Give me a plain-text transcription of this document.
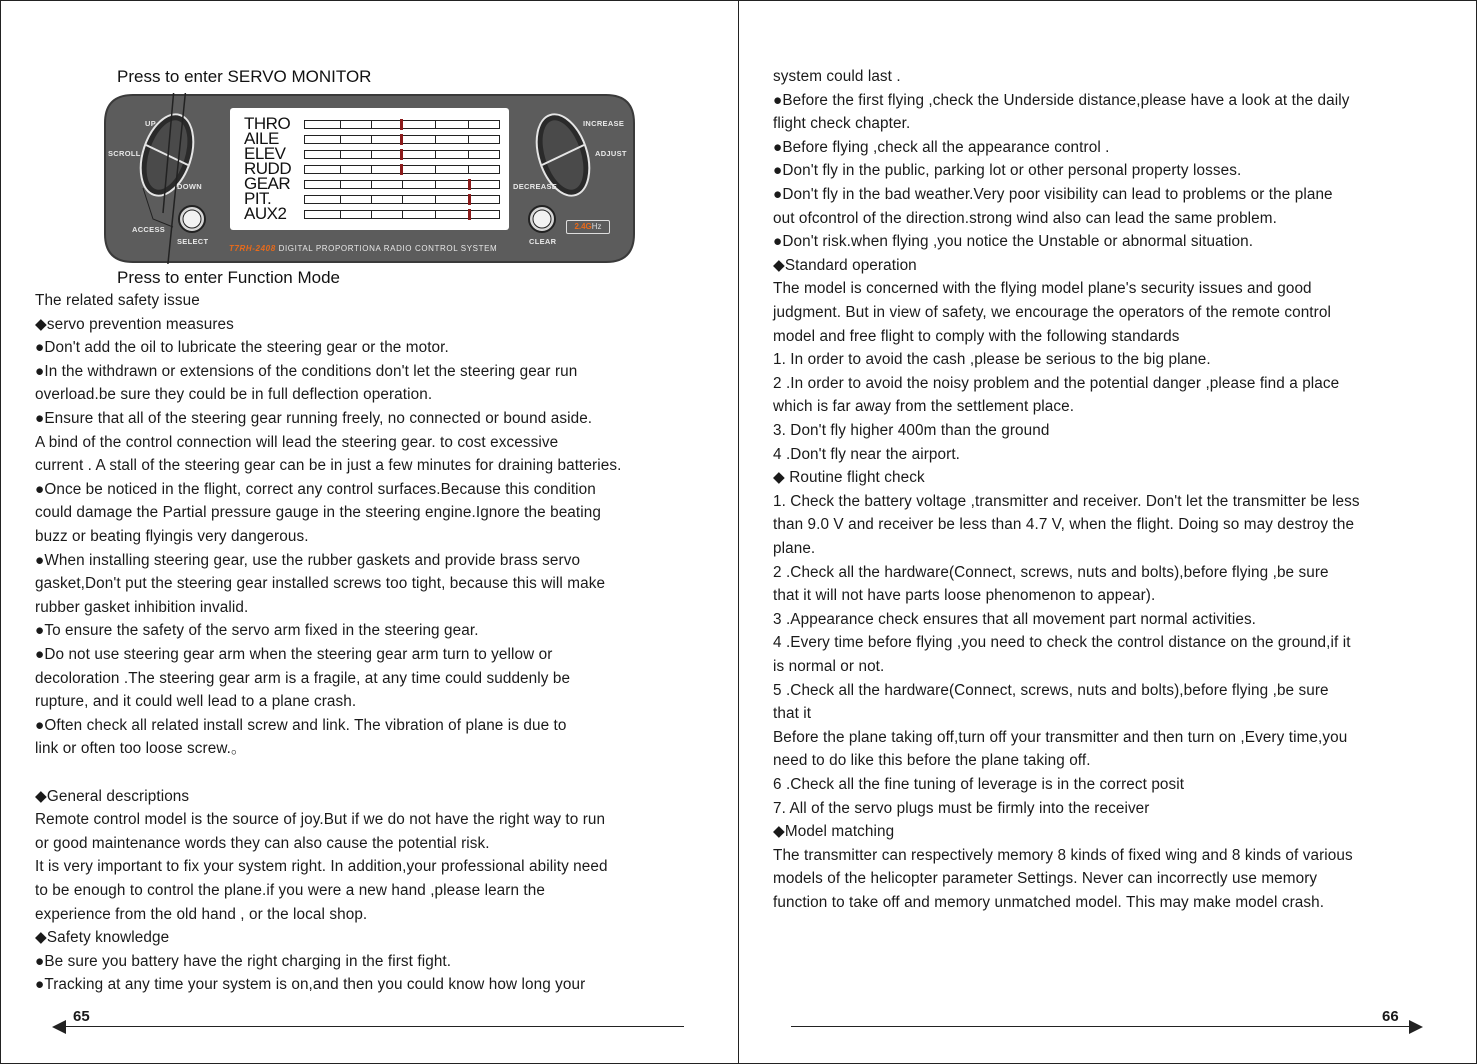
Press to enter SERVO MONITOR
UP
SCROLL
DOWN
ACCESS
SELECT
INCREASE
ADJUST
DECREASE
CLEAR
THRO
AILE
ELEV
RUDD
GEAR
PIT.
AUX2
T7RH-2408 DIGITAL PROPORTIONA RADIO CONTROL SYSTEM
2.4GHz
Press to enter Function Mode
The related safety issue
◆servo prevention measures
●Don't add the oil to lubricate the steering gear or the motor.
●In the withdrawn or extensions of the conditions don't let the steering gear run
overload.be sure they could be in full deflection operation.
●Ensure that all of the steering gear running freely, no connected or bound aside.
A bind of the control connection will lead the steering gear. to cost excessive
current . A stall of the steering gear can be in just a few minutes for draining batteries.
●Once be noticed in the flight, correct any control surfaces.Because this condition
could damage the Partial pressure gauge in the steering engine.Ignore the beating
buzz or beating flyingis very dangerous.
●When installing steering gear, use the rubber gaskets and provide brass servo
gasket,Don't put the steering gear installed screws too tight, because this will make
rubber gasket inhibition invalid.
●To ensure the safety of the servo arm fixed in the steering gear.
●Do not use steering gear arm when the steering gear arm turn to yellow or
decoloration .The steering gear arm is a fragile, at any time could suddenly be
rupture, and it could well lead to a plane crash.
●Often check all related install screw and link. The vibration of plane is due to
link or often too loose screw.。
◆General descriptions
Remote control model is the source of joy.But if we do not have the right way to run
or good maintenance words they can also cause the potential risk.
It is very important to fix your system right. In addition,your professional ability need
to be enough to control the plane.if you were a new hand ,please learn the
experience from the old hand , or the local shop.
◆Safety knowledge
●Be sure you battery have the right charging in the first fight.
●Tracking at any time your system is on,and then you could know how long your
65
system could last .
●Before the first flying ,check the Underside distance,please have a look at the daily
flight check chapter.
●Before flying ,check all the appearance control .
●Don't fly in the public, parking lot or other personal property losses.
●Don't fly in the bad weather.Very poor visibility can lead to problems or the plane
out ofcontrol of the direction.strong wind also can lead the same problem.
●Don't risk.when flying ,you notice the Unstable or abnormal situation.
◆Standard operation
The model is concerned with the flying model plane's security issues and good
judgment. But in view of safety, we encourage the operators of the remote control
model and free flight to comply with the following standards
1. In order to avoid the cash ,please be serious to the big plane.
2 .In order to avoid the noisy problem and the potential danger ,please find a place
which is far away from the settlement place.
3. Don't fly higher 400m than the ground
4 .Don't fly near the airport.
◆ Routine flight check
1. Check the battery voltage ,transmitter and receiver. Don't let the transmitter be less
than 9.0 V and receiver be less than 4.7 V, when the flight. Doing so may destroy the
plane.
2 .Check all the hardware(Connect, screws, nuts and bolts),before flying ,be sure
that it will not have parts loose phenomenon to appear).
3 .Appearance check ensures that all movement part normal activities.
4 .Every time before flying ,you need to check the control distance on the ground,if it
is normal or not.
5 .Check all the hardware(Connect, screws, nuts and bolts),before flying ,be sure
that it
Before the plane taking off,turn off your transmitter and then turn on ,Every time,you
need to do like this before the plane taking off.
6 .Check all the fine tuning of leverage is in the correct posit
7. All of the servo plugs must be firmly into the receiver
◆Model matching
The transmitter can respectively memory 8 kinds of fixed wing and 8 kinds of various
models of the helicopter parameter Settings. Never can incorrectly use memory
function to take off and memory unmatched model. This may make model crash.
66
